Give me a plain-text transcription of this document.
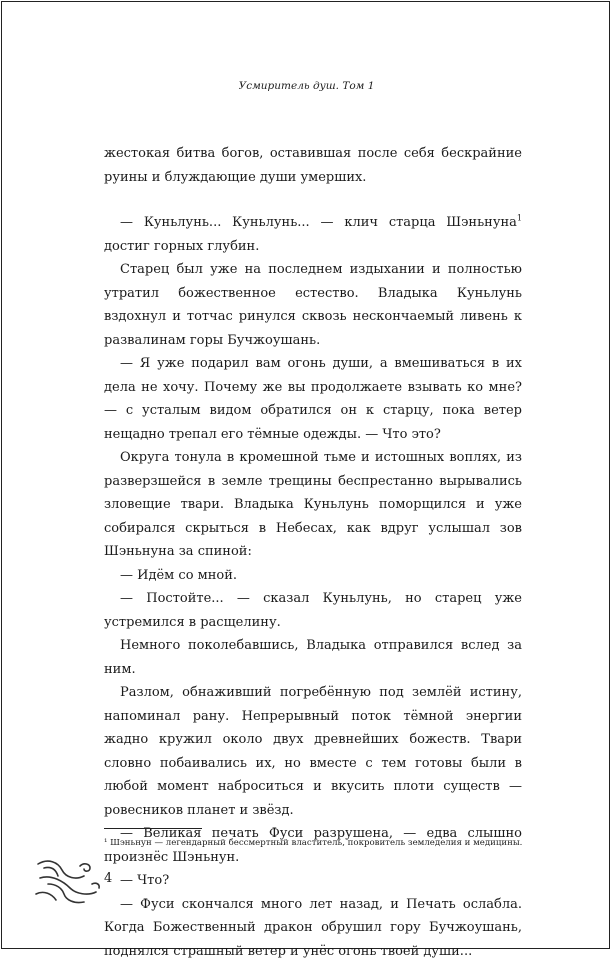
Усмиритель душ. Том 1

жестокая битва богов, оставившая после себя бескрайние руины и блуждающие души умерших.

— Куньлунь... Куньлунь... — клич старца Шэньнуна$^1$ достиг горных глубин.

Старец был уже на последнем издыхании и полностью утратил божественное естество. Владыка Куньлунь вздохнул и тотчас ринулся сквозь нескончаемый ливень к развалинам горы Бучжоушань.

— Я уже подарил вам огонь души, а вмешиваться в их дела не хочу. Почему же вы продолжаете взывать ко мне? — с усталым видом обратился он к старцу, пока ветер нещадно трепал его тёмные одежды. — Что это?

Округа тонула в кромешной тьме и истошных воплях, из разверзшейся в земле трещины беспрестанно вырывались зловещие твари. Владыка Куньлунь поморщился и уже собирался скрыться в Небесах, как вдруг услышал зов Шэньнуна за спиной:

— Идём со мной.

— Постойте... — сказал Куньлунь, но старец уже устремился в расщелину.

Немного поколебавшись, Владыка отправился вслед за ним.

Разлом, обнаживший погребённую под землёй истину, напоминал рану. Непрерывный поток тёмной энергии жадно кружил около двух древнейших божеств. Твари словно побаивались их, но вместе с тем готовы были в любой момент наброситься и вкусить плоти существ — ровесников планет и звёзд.

— Великая печать Фуси разрушена, — едва слышно произнёс Шэньнун.

— Что?

— Фуси скончался много лет назад, и Печать ослабла. Когда Божественный дракон обрушил гору Бучжоушань, поднялся страшный ветер и унёс огонь твоей души...

¹ Шэньнун — легендарный бессмертный властитель, покровитель земледелия и медицины.
4
